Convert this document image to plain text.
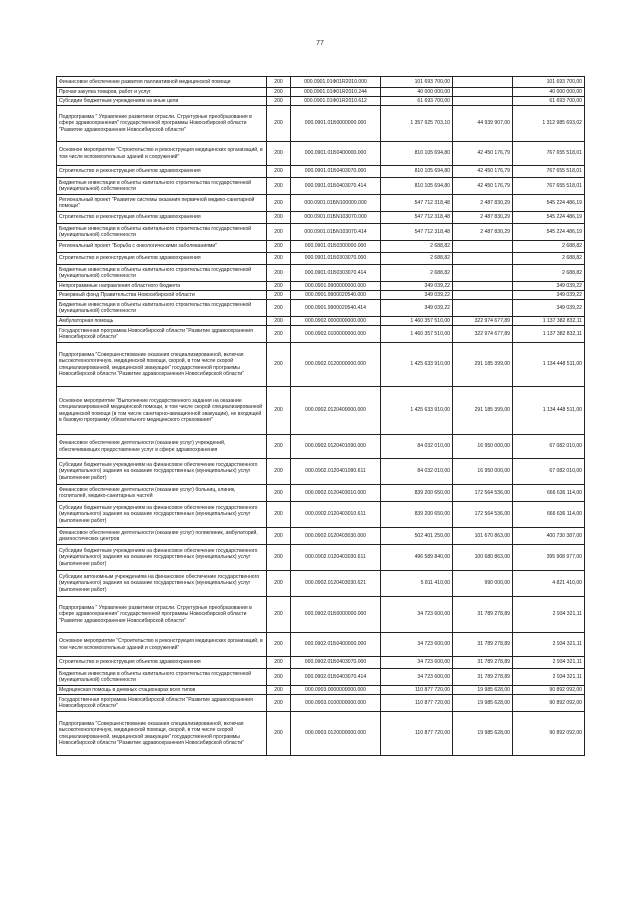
77
Финансовое обеспечение развития паллиативной медицинской помощи	200	000.0901.01Ф01R2010.000	101 693 700,00		101 693 700,00
Прочая закупка товаров, работ и услуг	200	000.0901.01Ф01R2010.244	40 000 000,00		40 000 000,00
Субсидии бюджетным учреждениям на иные цели	200	000.0901.01Ф01R2010.612	61 693 700,00		61 693 700,00
Подпрограмма " Управление развитием отрасли. Структурные преобразования в сфере здравоохранения" государственной программы Новосибирской области "Развитие здравоохранения Новосибирской области"	200	000.0901.01Б0000000.000	1 357 925 703,10	44 939 907,00	1 312 985 693,02
Основное мероприятие "Строительство и реконструкция медицинских организаций, в том числе вспомогательных зданий и сооружений"	200	000.0901.01Б0400000.000	810 105 694,80	42 450 176,79	767 655 518,01
Строительство и реконструкция объектов здравоохранения	200	000.0901.01Б0403070.000	810 105 694,80	42 450 176,79	767 655 518,01
Бюджетные инвестиции в объекты капитального строительства государственной (муниципальной) собственности	200	000.0901.01Б0403070.414	810 105 694,80	42 450 176,79	767 655 518,01
Региональный проект "Развитие системы оказания первичной медико-санитарной помощи"	200	000.0901.01БN100000.000	547 712 318,48	2 487 830,29	545 224 486,19
Строительство и реконструкция объектов здравоохранения	200	000.0901.01БN103070.000	547 712 318,48	2 487 830,29	545 224 486,19
Бюджетные инвестиции в объекты капитального строительства государственной (муниципальной) собственности	200	000.0901.01БN103070.414	547 712 318,48	2 487 830,29	545 224 486,19
Региональный проект "Борьба с онкологическими заболеваниями"	200	000.0901.01Б0300000.000	2 688,82		2 688,82
Строительство и реконструкция объектов здравоохранения	200	000.0901.01Б0303070.000	2 688,82		2 688,82
Бюджетные инвестиции в объекты капитального строительства государственной (муниципальной) собственности	200	000.0901.01Б0303070.414	2 688,82		2 688,82
Непрограммные направления областного бюджета	200	000.0901.9900000000.000	349 039,22		349 039,22
Резервный фонд Правительства Новосибирской области	200	000.0901.9900020540.000	349 039,22		349 039,22
Бюджетные инвестиции в объекты капитального строительства государственной (муниципальной) собственности	200	000.0901.9900020540.414	349 039,22		349 039,22
Амбулаторная помощь	200	000.0902.0000000000.000	1 460 357 510,00	322 974 677,89	1 137 382 832,11
Государственная программа Новосибирской области "Развитие здравоохранения Новосибирской области"	200	000.0902.0100000000.000	1 460 357 510,00	322 974 677,89	1 137 382 832,11
Подпрограмма "Совершенствование оказания специализированной, включая высокотехнологичную, медицинской помощи, скорой, в том числе скорой специализированной, медицинской эвакуации" государственной программы Новосибирской области "Развитие здравоохранения Новосибирской области"	200	000.0902.0120000000.000	1 425 633 910,00	291 185 399,00	1 134 448 511,00
Основное мероприятие "Выполнение государственного задания на оказание специализированной медицинской помощи, в том числе скорой специализированной медицинской помощи (в том числе санитарно-авиационной эвакуации), не входящей в базовую программу обязательного медицинского страхования"	200	000.0902.0120400000.000	1 425 633 910,00	291 185 399,00	1 134 448 511,00
Финансовое обеспечение деятельности (оказание услуг) учреждений, обеспечивающих предоставление услуг в сфере здравоохранения	200	000.0902.0120401090.000	84 032 010,00	16 950 000,00	67 082 010,00
Субсидии бюджетным учреждениям на финансовое обеспечение государственного (муниципального) задания на оказание государственных (муниципальных) услуг (выполнение работ)	200	000.0902.0120401090.611	84 032 010,00	16 950 000,00	67 082 010,00
Финансовое обеспечение деятельности (оказание услуг) больниц, клиник, госпиталей, медико-санитарных частей	200	000.0902.0120403010.000	839 200 650,00	172 564 536,00	666 636 114,00
Субсидии бюджетным учреждениям на финансовое обеспечение государственного (муниципального) задания на оказание государственных (муниципальных) услуг (выполнение работ)	200	000.0902.0120403010.611	839 200 650,00	172 564 536,00	666 636 114,00
Финансовое обеспечение деятельности (оказание услуг) поликлиник, амбулаторий, диагностических центров	200	000.0902.0120403030.000	502 401 250,00	101 670 863,00	400 730 387,00
Субсидии бюджетным учреждениям на финансовое обеспечение государственного (муниципального) задания на оказание государственных (муниципальных) услуг (выполнение работ)	200	000.0902.0120403030.611	496 589 840,00	100 680 863,00	395 908 977,00
Субсидии автономным учреждениям на финансовое обеспечение государственного (муниципального) задания на оказание государственных (муниципальных) услуг (выполнение работ)	200	000.0902.0120403030.621	5 811 410,00	990 000,00	4 821 410,00
Подпрограмма " Управление развитием отрасли. Структурные преобразования в сфере здравоохранения" государственной программы Новосибирской области "Развитие здравоохранения Новосибирской области"	200	000.0902.01Б0000000.000	34 723 600,00	31 789 278,89	2 934 321,11
Основное мероприятие "Строительство и реконструкция медицинских организаций, в том числе вспомогательных зданий и сооружений"	200	000.0902.01Б0400000.000	34 723 600,00	31 789 278,89	2 934 321,11
Строительство и реконструкция объектов здравоохранения	200	000.0902.01Б0403070.000	34 723 600,00	31 789 278,89	2 934 321,11
Бюджетные инвестиции в объекты капитального строительства государственной (муниципальной) собственности	200	000.0902.01Б0403070.414	34 723 600,00	31 789 278,89	2 934 321,11
Медицинская помощь в дневных стационарах всех типов	200	000.0903.0000000000.000	110 877 720,00	19 985 628,00	90 892 092,00
Государственная программа Новосибирской области "Развитие здравоохранения Новосибирской области"	200	000.0903.0100000000.000	110 877 720,00	19 985 628,00	90 892 092,00
Подпрограмма "Совершенствование оказания специализированной, включая высокотехнологичную, медицинской помощи, скорой, в том числе скорой специализированной, медицинской эвакуации" государственной программы Новосибирской области "Развитие здравоохранения Новосибирской области"	200	000.0903.0120000000.000	110 877 720,00	19 985 628,00	90 892 092,00
